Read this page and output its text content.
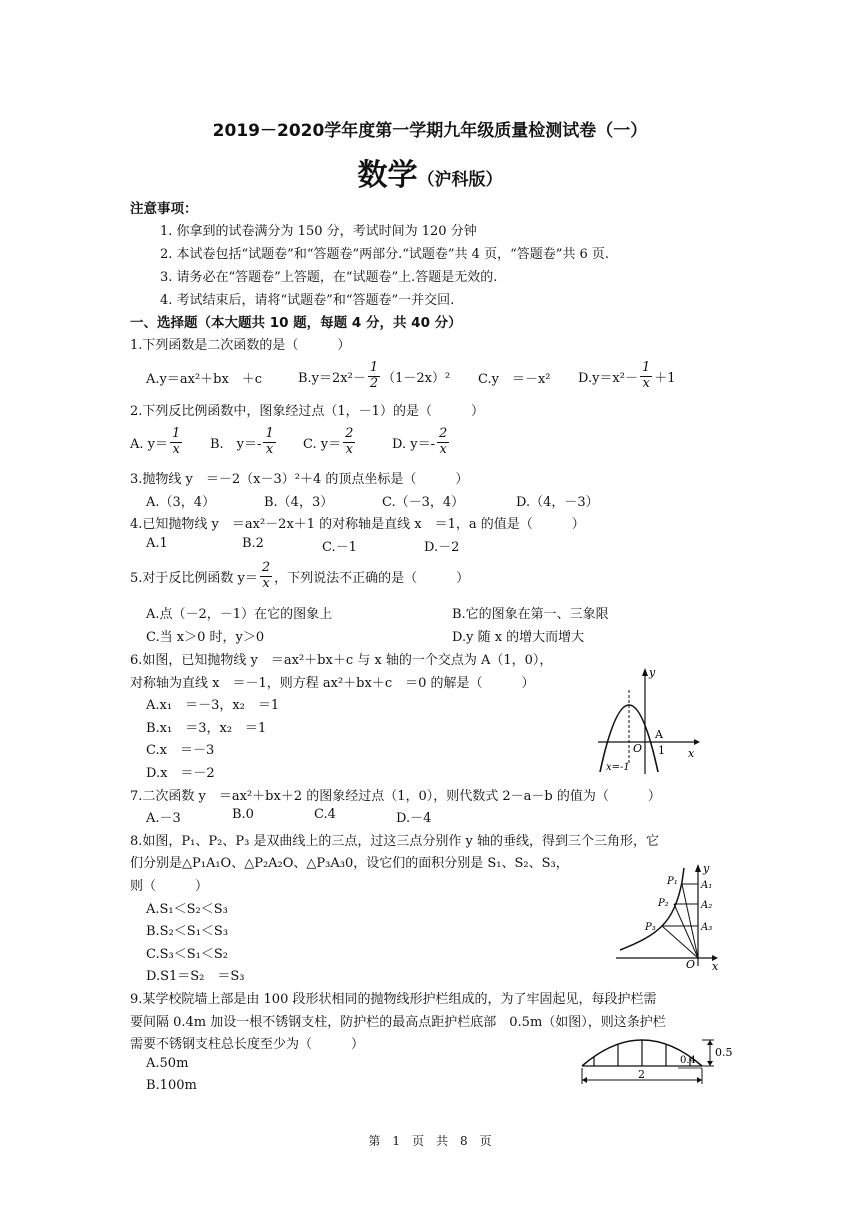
2019－2020学年度第一学期九年级质量检测试卷（一）
数学（沪科版）
注意事项：
1. 你拿到的试卷满分为 150 分，考试时间为 120 分钟
2. 本试卷包括“试题卷”和“答题卷”两部分.“试题卷”共 4 页，“答题卷”共 6 页.
3. 请务必在“答题卷”上答题，在“试题卷”上.答题是无效的.
4. 考试结束后，请将“试题卷”和“答题卷”一并交回.
一、选择题（本大题共 10 题，每题 4 分，共 40 分）
1.下列函数是二次函数的是（　　　）
A.y＝ax²＋bx　＋c	$B.y=2x^2- \frac{1}{2} (1-2x)^2$ C.y　＝－x² $D.y=x^2- \frac{1}{x} +1$
2.下列反比例函数中，图象经过点（1，－1）的是（　　　）
A. $y= \frac{1}{x} B$.　$y=- \frac{1}{x} C$. $y= \frac{2}{x}$	D. $y=- \frac{2}{x}$
3.抛物线 y　＝－2（x－3）²＋4 的顶点坐标是（　　　）
A.（3，4）	B.（4，3）	C.（－3，4）	D.（4，－3）
4.已知抛物线 y　＝ax²－2x＋1 的对称轴是直线 x　＝1，a 的值是（　　　）
A.1	B.2	C.－1	D.－2
5.对于反比例函数 $y= \frac{2}{x}$ ，下列说法不正确的是（　　　）
A.点（－2，－1）在它的图象上	B.它的图象在第一、三象限
C.当 x＞0 时，y＞0	D.y 随 x 的增大而增大
6.如图，已知抛物线 y　＝ax²＋bx＋c 与 x 轴的一个交点为 A（1，0），
对称轴为直线 x　＝－1，则方程 ax²＋bx＋c　＝0 的解是（　　　）
A.x₁　＝－3，x₂　＝1
B.x₁　＝3，x₂　＝1
C.x　＝－3
D.x　＝－2
y
x
O
A
1
x=-1
7.二次函数 y　＝ax²＋bx＋2 的图象经过点（1，0），则代数式 2－a－b 的值为（　　　）
A.－3	B.0	C.4	D.－4
8.如图，P₁、P₂、P₃ 是双曲线上的三点，过这三点分别作 y 轴的垂线，得到三个三角形，它
们分别是△P₁A₁O、△P₂A₂O、△P₃A₃0，设它们的面积分别是 S₁、S₂、S₃，
则（　　　）
A.S₁＜S₂＜S₃
B.S₂＜S₁＜S₃
C.S₃＜S₁＜S₂
D.S1＝S₂　＝S₃
y
x
O
P₁
P₂
P₃
A₁
A₂
A₃
9.某学校院墙上部是由 100 段形状相同的抛物线形护栏组成的，为了牢固起见，每段护栏需
要间隔 0.4m 加设一根不锈钢支柱，防护栏的最高点距护栏底部　0.5m（如图），则这条护栏
需要不锈钢支柱总长度至少为（　　　）
A.50m
B.100m
0.5
0.4
2
第　1　页　共　8　页
